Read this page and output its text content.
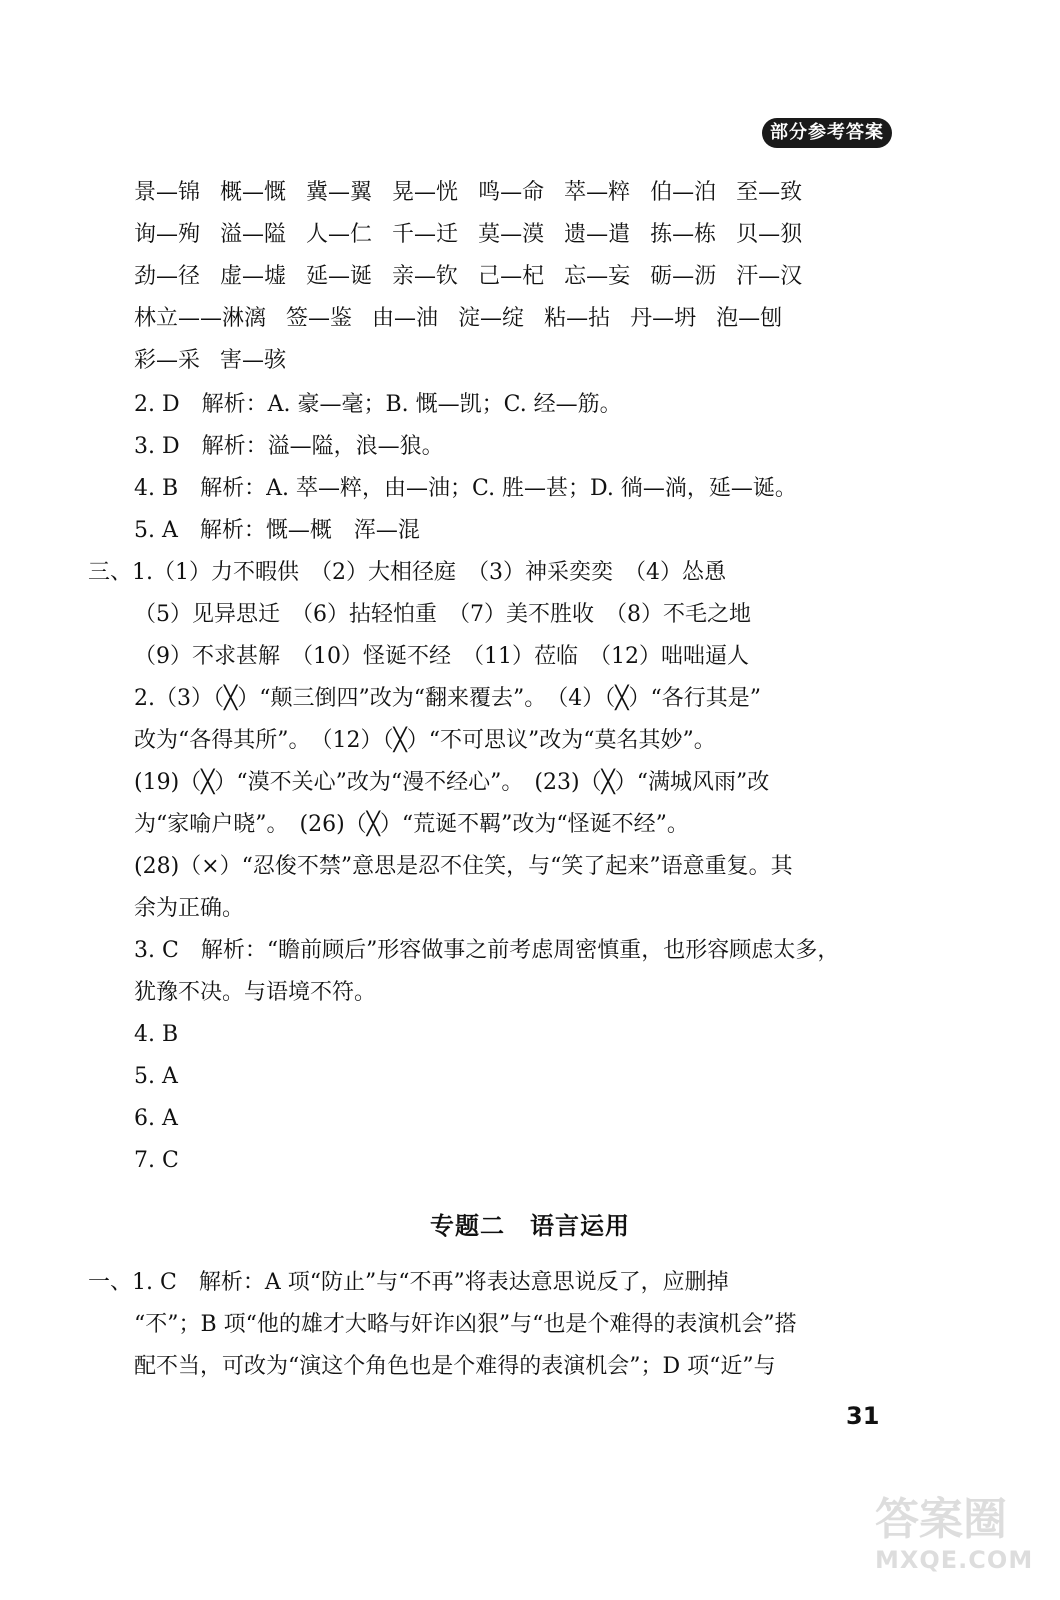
部分参考答案
景—锦 概—慨 冀—翼 晃—恍 鸣—命 萃—粹 伯—泊 至—致
询—殉 溢—隘 人—仁 千—迁 莫—漠 遗—遣 拣—栋 贝—狈
劲—径 虚—墟 延—诞 亲—钦 己—杞 忘—妄 砺—沥 汗—汉
林立——淋漓 签—鉴 由—油 淀—绽 粘—拈 丹—坍 泡—刨
彩—采 害—骇
2. D　解析：A. 豪—毫；B. 慨—凯；C. 经—筋。
3. D　解析：溢—隘，浪—狼。
4. B　解析：A. 萃—粹，由—油；C. 胜—甚；D. 徜—淌，延—诞。
5. A　解析：慨—概　浑—混
三、1.（1）力不暇供　（2）大相径庭　（3）神采奕奕　（4）怂恿
（5）见异思迁　（6）拈轻怕重　（7）美不胜收　（8）不毛之地
（9）不求甚解　（10）怪诞不经　（11）莅临　（12）咄咄逼人
2.（3）（╳）“颠三倒四”改为“翻来覆去”。　（4）（╳）“各行其是”
改为“各得其所”。　（12）（╳）“不可思议”改为“莫名其妙”。
(19)（╳）“漠不关心”改为“漫不经心”。　(23)（╳）“满城风雨”改
为“家喻户晓”。　(26)（╳）“荒诞不羁”改为“怪诞不经”。
(28)（×）“忍俊不禁”意思是忍不住笑，与“笑了起来”语意重复。其
余为正确。
3. C　解析：“瞻前顾后”形容做事之前考虑周密慎重，也形容顾虑太多，
犹豫不决。与语境不符。
4. B
5. A
6. A
7. C
专题二　语言运用
一、1. C　解析：A 项“防止”与“不再”将表达意思说反了，应删掉
“不”；B 项“他的雄才大略与奸诈凶狠”与“也是个难得的表演机会”搭
配不当，可改为“演这个角色也是个难得的表演机会”；D 项“近”与
31
答案圈
MXQE.COM
